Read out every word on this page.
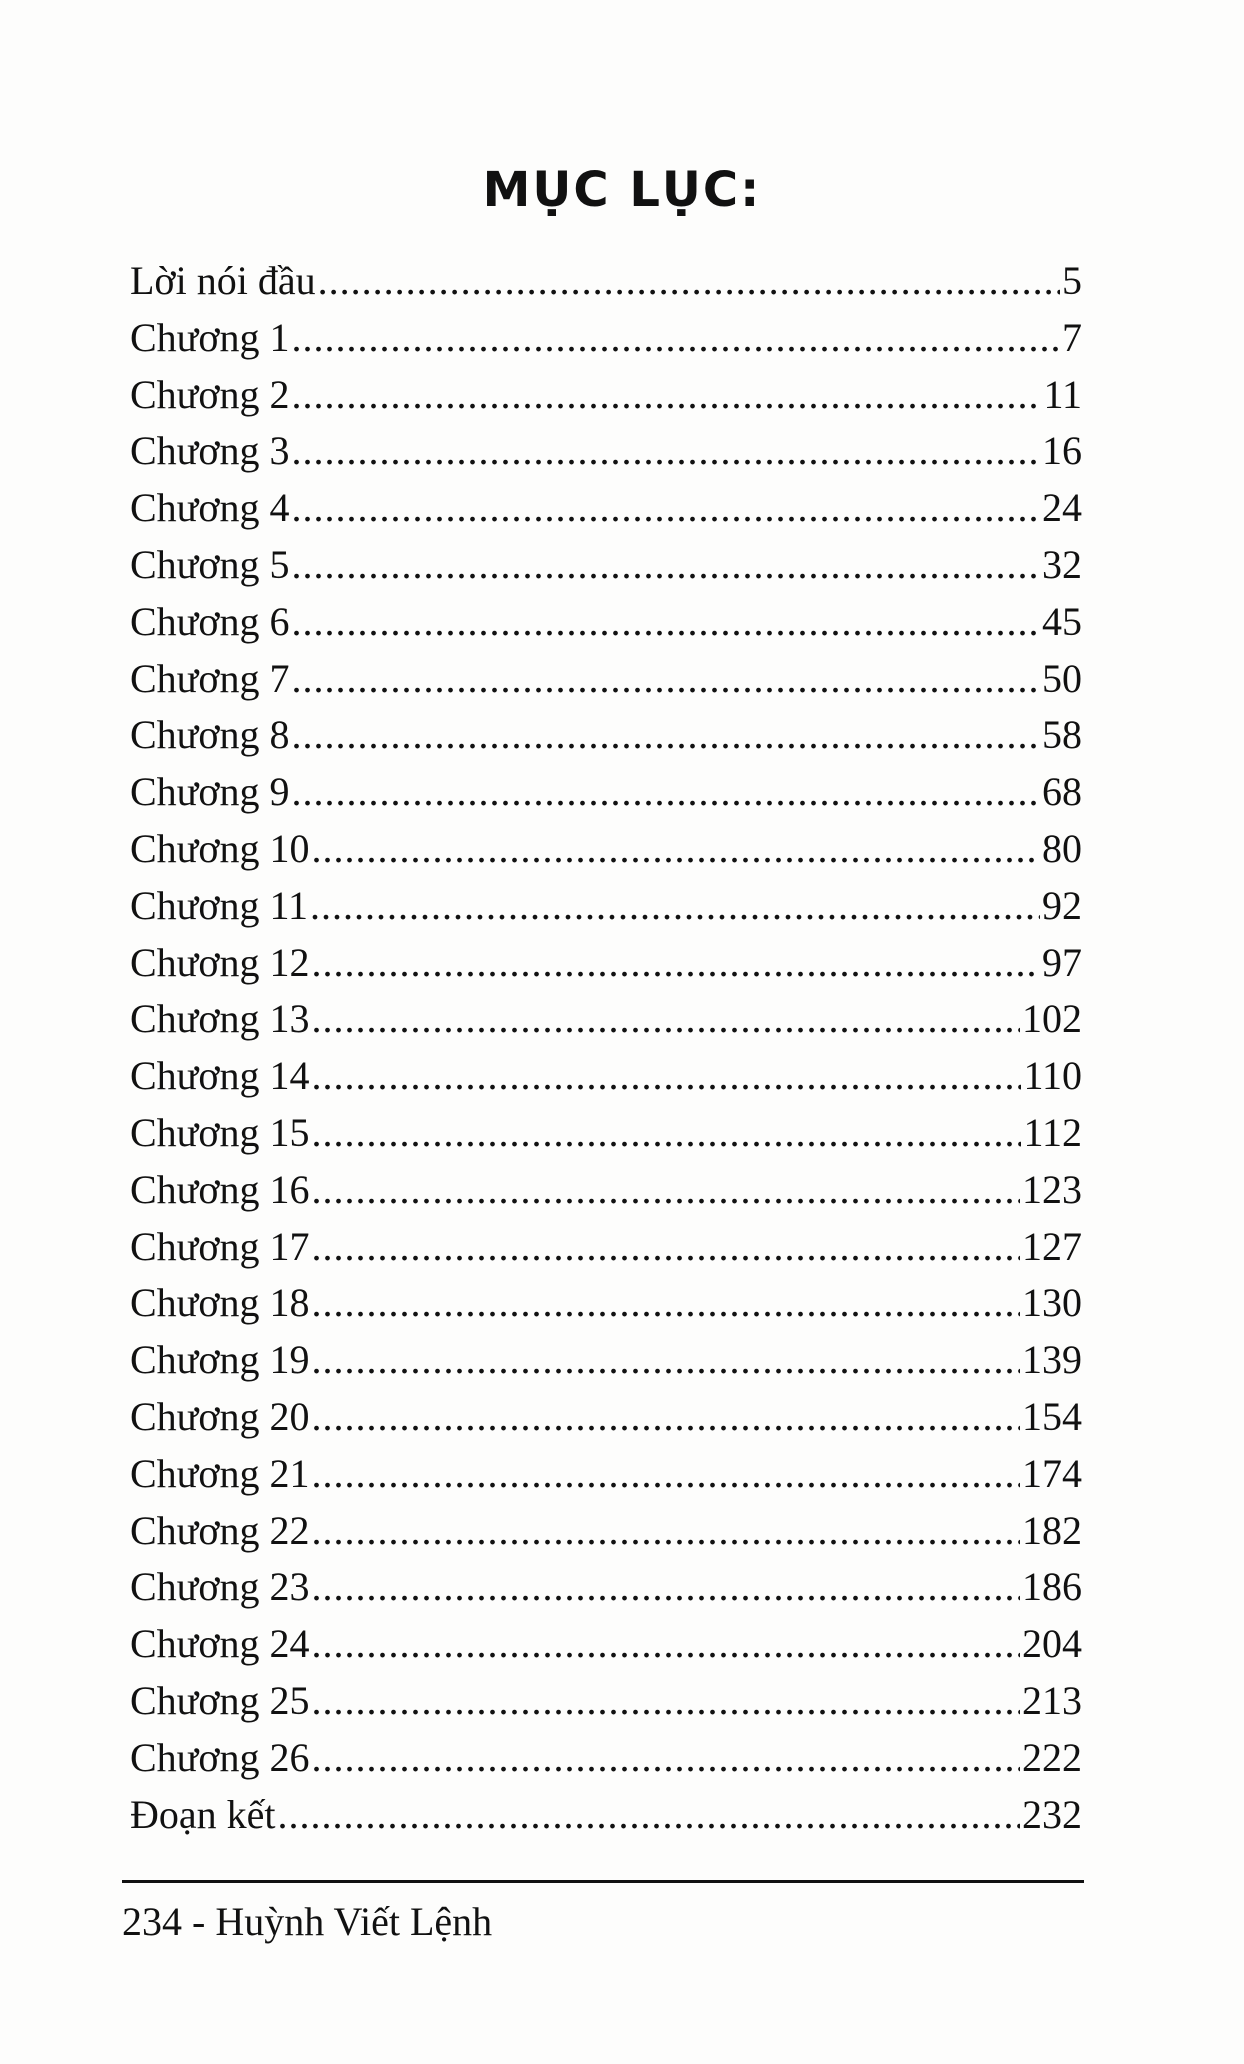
MỤC LỤC:
Lời nói đầu .....	5
Chương 1 .....	7
Chương 2 .....	11
Chương 3 .....	16
Chương 4 .....	24
Chương 5 .....	32
Chương 6 .....	45
Chương 7 .....	50
Chương 8 .....	58
Chương 9 .....	68
Chương 10 .....	80
Chương 11 .....	92
Chương 12 .....	97
Chương 13 .....	102
Chương 14 .....	110
Chương 15 .....	112
Chương 16 .....	123
Chương 17 .....	127
Chương 18 .....	130
Chương 19 .....	139
Chương 20 .....	154
Chương 21 .....	174
Chương 22 .....	182
Chương 23 .....	186
Chương 24 .....	204
Chương 25 .....	213
Chương 26 .....	222
Đoạn kết .....	232
234 - Huỳnh Viết Lệnh
